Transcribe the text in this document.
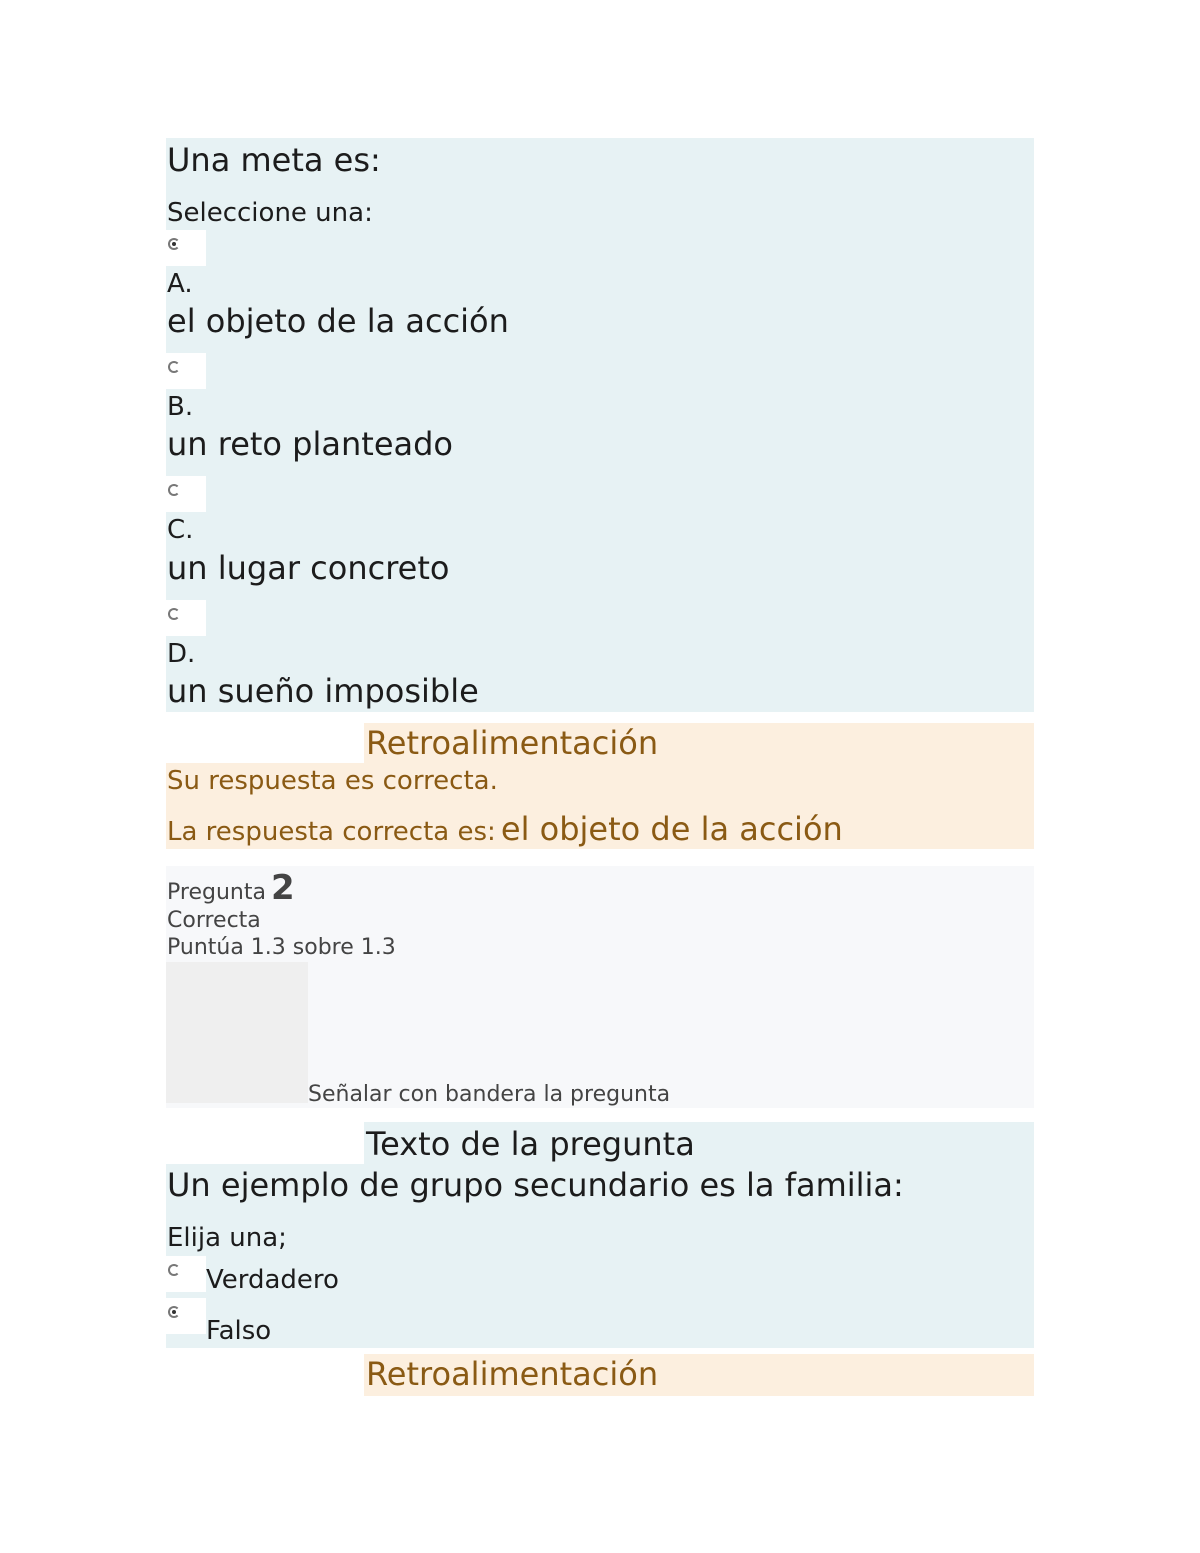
Una meta es:
Seleccione una:
A.
el objeto de la acción
B.
un reto planteado
C.
un lugar concreto
D.
un sueño imposible
Retroalimentación
Su respuesta es correcta.
La respuesta correcta es: el objeto de la acción
Pregunta 2
Correcta
Puntúa 1.3 sobre 1.3
Señalar con bandera la pregunta
Texto de la pregunta
Un ejemplo de grupo secundario es la familia:
Elija una;
Verdadero
Falso
Retroalimentación
